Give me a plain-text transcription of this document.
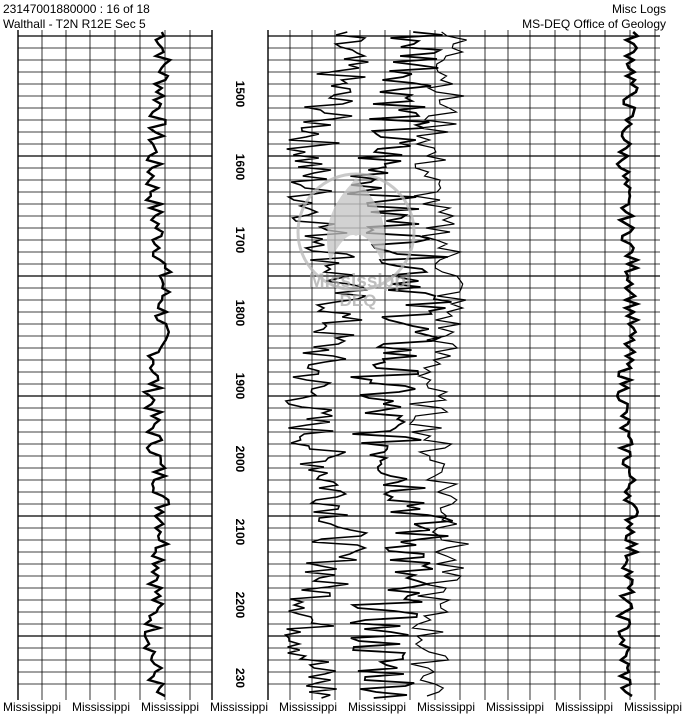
23147001880000 : 16 of 18
Walthall - T2N R12E Sec 5
Misc Logs
MS-DEQ Office of Geology
1500
1600
1700
1800
1900
2000
2100
2200
230
Mississippi
DEQ
Mississippi Mississippi Mississippi Mississippi Mississippi Mississippi Mississippi Mississippi Mississippi Mississippi
